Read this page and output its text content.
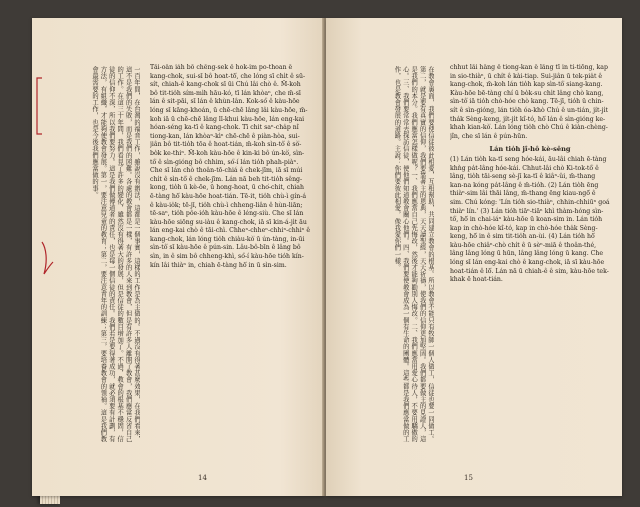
一百年間，在台灣的福音工作，雖說沒有辦法，這都是一個事實，這樣的工作是為主做的。不過沒有得著甚麼效果，在我們看來，這不是我們的失敗，而是我們的困難。各處的教會都是一樣，有許多的人來到教會，但是有許多人離開了教會，我們應當反省自己的工作。在這三十年間，我們看見了許多的變化，雖然沒有得著大的發展，但是信徒的數目增加了。不過，教會的根基不穩固，信徒的信仰不深，所以我們要努力。這是我們做傳道者的責任，也是每一個信徒的責任。我們若是要得著成功，就必須要有計劃，有方法，有組織，才能夠使教會發展。第一，要注意兒童的教育；第二，要注意青年的訓練；第三，要培養教會的領袖。這是我們教會最需要的工作，也是今後我們應當做的事。	Tâi-oân iáh bô chêng-sek ê hok-im po-thoan ê kang-chok, sui-sī bô hoat-tō͘, che lóng sī chi̍t ê sū-si̍t, chiah-ê kang-chok sī ūi Chú lâi chò ê. M̄-koh bô tit-tio̍h sím-mi̍h hāu-kó, tī lán khòaⁿ, che m̄-sī lán ê sit-pāi, sī lán ê khùn-lân. Kok-só͘ ê kàu-hōe lóng sī kāng-khoán, ū chē-chē lâng lâi kàu-hōe, m̄-koh iā ū chē-chē lâng lī-khui kàu-hōe, lán eng-kai hóan-séng ka-tī ê kang-chok. Tī chit saⁿ-cha̍p nî tiong-kan, lán khòaⁿ-kìⁿ chē-chē ê piàn-hòa, sui-jiân bô tit-tio̍h tōa ê hoat-tián, m̄-koh sìn-tô͘ ê sò͘-bo̍k ke-thiⁿ. M̄-koh kàu-hōe ê kin-ki bô ún-kò͘, sìn-tô͘ ê sìn-gióng bô chhim, só͘-í lán tio̍h phah-piàⁿ. Che sī lán chò thoân-tō-chiá ê chek-jīm, iā sī múi chi̍t ê sìn-tô͘ ê chek-jīm. Lán nā beh tit-tio̍h sêng-kong, tio̍h ū kè-ōe, ū hong-hoat, ū cho͘-chit, chiah ē-tàng hō͘ kàu-hōe hoat-tián. Tē-it, tio̍h chù-ì gín-á ê kàu-io̍k; tē-jī, tio̍h chù-ì chheng-liân ê hùn-liān; tē-saⁿ, tio̍h pôe-io̍h kàu-hōe ê léng-siù. Che sī lán kàu-hōe siōng su-iàu ê kang-chok, iā sī kin-á-ji̍t āu lán eng-kai chò ê tāi-chì. Chheⁿ-chheⁿ-chhiⁿ-chhiⁿ ê kang-chok, lán lóng tio̍h chiàu-kò͘ ū ún-tàng, in-ūi sìn-tô͘ sī kàu-hōe ê pún-sin. Lâu-bô-bīn ê lâng bô sìn, in ê sim bô chheng-khì, só͘-í kàu-hōe tio̍h kín-kín lâi thiàⁿ in, chiah ē-tàng hō͘ in ū sìn-sim.

14
在教會裏面，我們要使信徒彼此相愛，互相幫助，共同建立教會的根基。所以教會不能只有牧師一個人做工，信徒也要一同做工。第二，就是要有真實的信仰，我們要靠著主的恩典，天天讀聖經，天天祈禱，使我們的信仰更加堅固。我們都要做主的見證人，這是我們的本分。我們應當怎樣做呢？一、我們應當自己先悔改，然後才能夠勸別人悔改。二、我們應當用愛心待人，不要用驕傲的心。三、我們要常常去探訪信徒，使他們知道教會關心他們。四、我們要使教會成為一個有生命的團體。這些都是我們應當做的工作，也是教會發展的道路。主說：你們要彼此相愛，像我愛你們一樣。	chhut lâi hâng ê tiong-kan ê lâng tī in ti-tiōng, kap in sio-thiàⁿ, ū chi̍t ê kài-tiap. Sui-jiân ū tek-pia̍t ê kang-chok, m̄-koh lán tio̍h kap sìn-tô͘ siang-kang. Kàu-hōe bē-tàng chí ū bo̍k-su chi̍t lâng chò kang, sìn-tô͘ iā tio̍h chò-hóe chò kang. Tē-jī, tio̍h ū chin-si̍t ê sìn-gióng, lán tio̍h óa-khò Chú ê un-tián, ji̍t-ji̍t tha̍k Sèng-keng, ji̍t-ji̍t kî-tó, hō͘ lán ê sìn-gióng ke-khah kian-kò͘. Lán lóng tio̍h chò Chú ê kiàn-chèng-jîn, che sī lán ê pún-hūn.

Lán tio̍h jî-hô kè-sêng

(1) Lán tio̍h ka-tī seng hóe-kái, āu-lâi chiah ē-tàng khǹg pa̍t-lâng hóe-kái. Chhut-lâi chò Ki-tok-tô͘ ê lâng, tio̍h tāi-seng sè-jī ka-tī ê kiâⁿ-ûi, m̄-thang kan-na kóng pa̍t-lâng ê m̄-tio̍h. (2) Lán tio̍h ēng thiàⁿ-sim lâi thāi lâng, m̄-thang ēng kiau-ngō͘ ê sim. Chú kóng: 'Lín tio̍h sio-thiàⁿ, chhin-chhiūⁿ goá thiàⁿ lín.' (3) Lán tio̍h tiāⁿ-tiāⁿ khì thàm-hóng sìn-tô͘, hō͘ in chai-iáⁿ kàu-hōe ū koan-sim in. Lán tio̍h kap in chò-hóe kî-tó, kap in chò-hóe tha̍k Sèng-keng, hō͘ in ê sim tit-tio̍h an-ùi. (4) Lán tio̍h hō͘ kàu-hōe chiâⁿ-chò chi̍t ê ū sèⁿ-miā ê thoân-thé, lâng lâng lóng ū hūn, lâng lâng lóng ū kang. Che lóng sī lán eng-kai chò ê kang-chok, iā sī kàu-hōe hoat-tián ê lō͘. Lán nā ū chiah-ê ê sim, kàu-hōe tek-khak ē hoat-tián.

15
